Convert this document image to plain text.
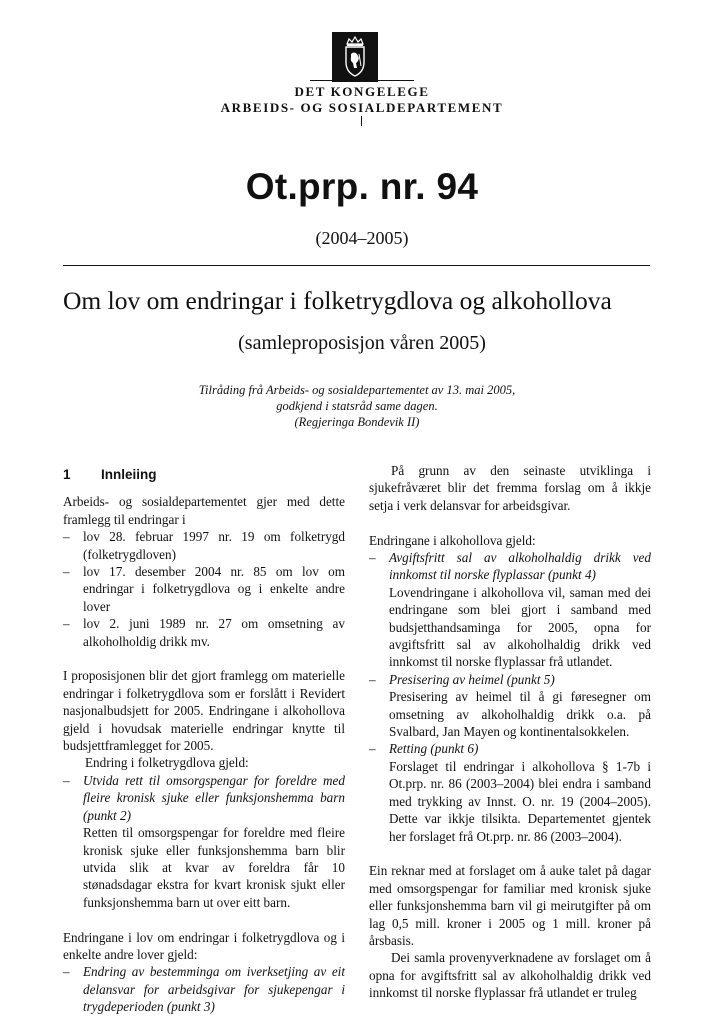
DET KONGELEGE
ARBEIDS- OG SOSIALDEPARTEMENT
Ot.prp. nr. 94
(2004–2005)
Om lov om endringar i folketrygdlova og alkohollova
(samleproposisjon våren 2005)
Tilråding frå Arbeids- og sosialdepartementet av 13. mai 2005,
godkjend i statsråd same dagen.
(Regjeringa Bondevik II)
1	Innleiing

Arbeids- og sosialdepartementet gjer med dette framlegg til endringar i

–	lov 28. februar 1997 nr. 19 om folketrygd (folketrygdloven)
–	lov 17. desember 2004 nr. 85 om lov om endringar i folketrygdlova og i enkelte andre lover
–	lov 2. juni 1989 nr. 27 om omsetning av alkoholholdig drikk mv.

I proposisjonen blir det gjort framlegg om materielle endringar i folketrygdlova som er forslått i Revidert nasjonalbudsjett for 2005. Endringane i alkohollova gjeld i hovudsak materielle endringar knytte til budsjettframlegget for 2005.

Endring i folketrygdlova gjeld:

–	Utvida rett til omsorgspengar for foreldre med fleire kronisk sjuke eller funksjonshemma barn (punkt 2)

Retten til omsorgspengar for foreldre med fleire kronisk sjuke eller funksjonshemma barn blir utvida slik at kvar av foreldra får 10 stønadsdagar ekstra for kvart kronisk sjukt eller funksjonshemma barn ut over eitt barn.

Endringane i lov om endringar i folketrygdlova og i enkelte andre lover gjeld:

–	Endring av bestemminga om iverksetjing av eit delansvar for arbeidsgivar for sjukepengar i trygdeperioden (punkt 3)

På grunn av den seinaste utviklinga i sjukefråværet blir det fremma forslag om å ikkje setja i verk delansvar for arbeidsgivar.

Endringane i alkohollova gjeld:

–	Avgiftsfritt sal av alkoholhaldig drikk ved innkomst til norske flyplassar (punkt 4)

Lovendringane i alkohollova vil, saman med dei endringane som blei gjort i samband med budsjetthandsaminga for 2005, opna for avgiftsfritt sal av alkoholhaldig drikk ved innkomst til norske flyplassar frå utlandet.

–	Presisering av heimel (punkt 5)

Presisering av heimel til å gi føresegner om omsetning av alkoholhaldig drikk o.a. på Svalbard, Jan Mayen og kontinentalsokkelen.

–	Retting (punkt 6)

Forslaget til endringar i alkohollova § 1-7b i Ot.prp. nr. 86 (2003–2004) blei endra i samband med trykking av Innst. O. nr. 19 (2004–2005). Dette var ikkje tilsikta. Departementet gjentek her forslaget frå Ot.prp. nr. 86 (2003–2004).

Ein reknar med at forslaget om å auke talet på dagar med omsorgspengar for familiar med kronisk sjuke eller funksjonshemma barn vil gi meirutgifter på om lag 0,5 mill. kroner i 2005 og 1 mill. kroner på årsbasis.

Dei samla provenyverknadene av forslaget om å opna for avgiftsfritt sal av alkoholhaldig drikk ved innkomst til norske flyplassar frå utlandet er truleg
